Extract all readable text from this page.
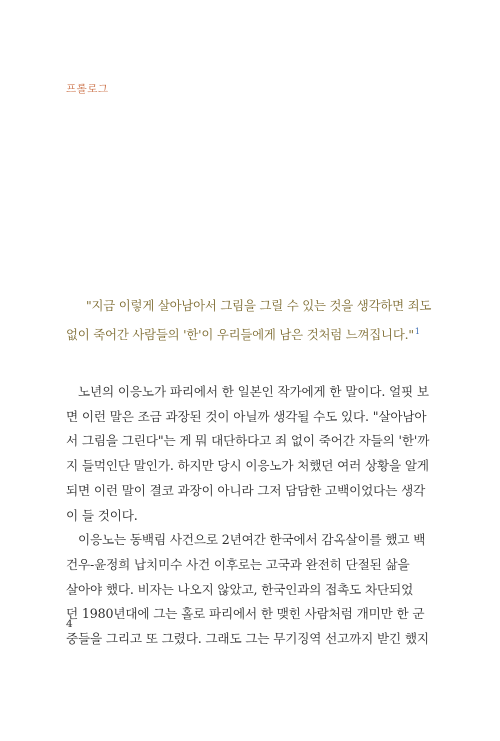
프롤로그
"지금 이렇게 살아남아서 그림을 그릴 수 있는 것을 생각하면 죄도
없이 죽어간 사람들의 '한'이 우리들에게 남은 것처럼 느껴집니다."$^1$
노년의 이응노가 파리에서 한 일본인 작가에게 한 말이다. 얼핏 보
면 이런 말은 조금 과장된 것이 아닐까 생각될 수도 있다. "살아남아
서 그림을 그린다"는 게 뭐 대단하다고 죄 없이 죽어간 자들의 '한'까
지 들먹인단 말인가. 하지만 당시 이응노가 처했던 여러 상황을 알게
되면 이런 말이 결코 과장이 아니라 그저 담담한 고백이었다는 생각
이 들 것이다.
이응노는 동백림 사건으로 2년여간 한국에서 감옥살이를 했고 백
건우-윤정희 납치미수 사건 이후로는 고국과 완전히 단절된 삶을
살아야 했다. 비자는 나오지 않았고, 한국인과의 접촉도 차단되었
던 1980년대에 그는 홀로 파리에서 한 맺힌 사람처럼 개미만 한 군
중들을 그리고 또 그렸다. 그래도 그는 무기징역 선고까지 받긴 했지
4
